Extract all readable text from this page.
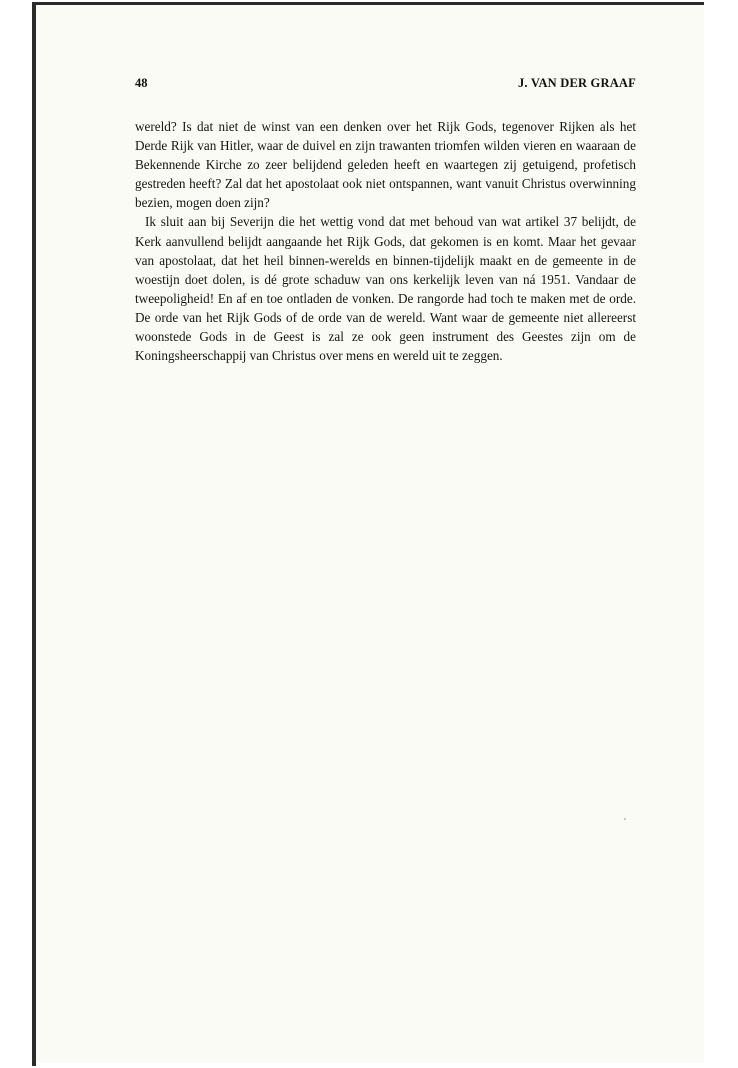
48	J. VAN DER GRAAF

wereld? Is dat niet de winst van een denken over het Rijk Gods, tegenover Rijken als het Derde Rijk van Hitler, waar de duivel en zijn trawanten triomfen wilden vieren en waaraan de Bekennende Kirche zo zeer belijdend geleden heeft en waartegen zij getuigend, profetisch gestreden heeft? Zal dat het apostolaat ook niet ontspannen, want vanuit Christus overwinning bezien, mogen doen zijn?

Ik sluit aan bij Severijn die het wettig vond dat met behoud van wat artikel 37 belijdt, de Kerk aanvullend belijdt aangaande het Rijk Gods, dat gekomen is en komt. Maar het gevaar van apostolaat, dat het heil binnen-werelds en binnen-tijdelijk maakt en de gemeente in de woestijn doet dolen, is dé grote schaduw van ons kerkelijk leven van ná 1951. Vandaar de tweepoligheid! En af en toe ontladen de vonken. De rangorde had toch te maken met de orde. De orde van het Rijk Gods of de orde van de wereld. Want waar de gemeente niet allereerst woonstede Gods in de Geest is zal ze ook geen instrument des Geestes zijn om de Koningsheerschappij van Christus over mens en wereld uit te zeggen.
